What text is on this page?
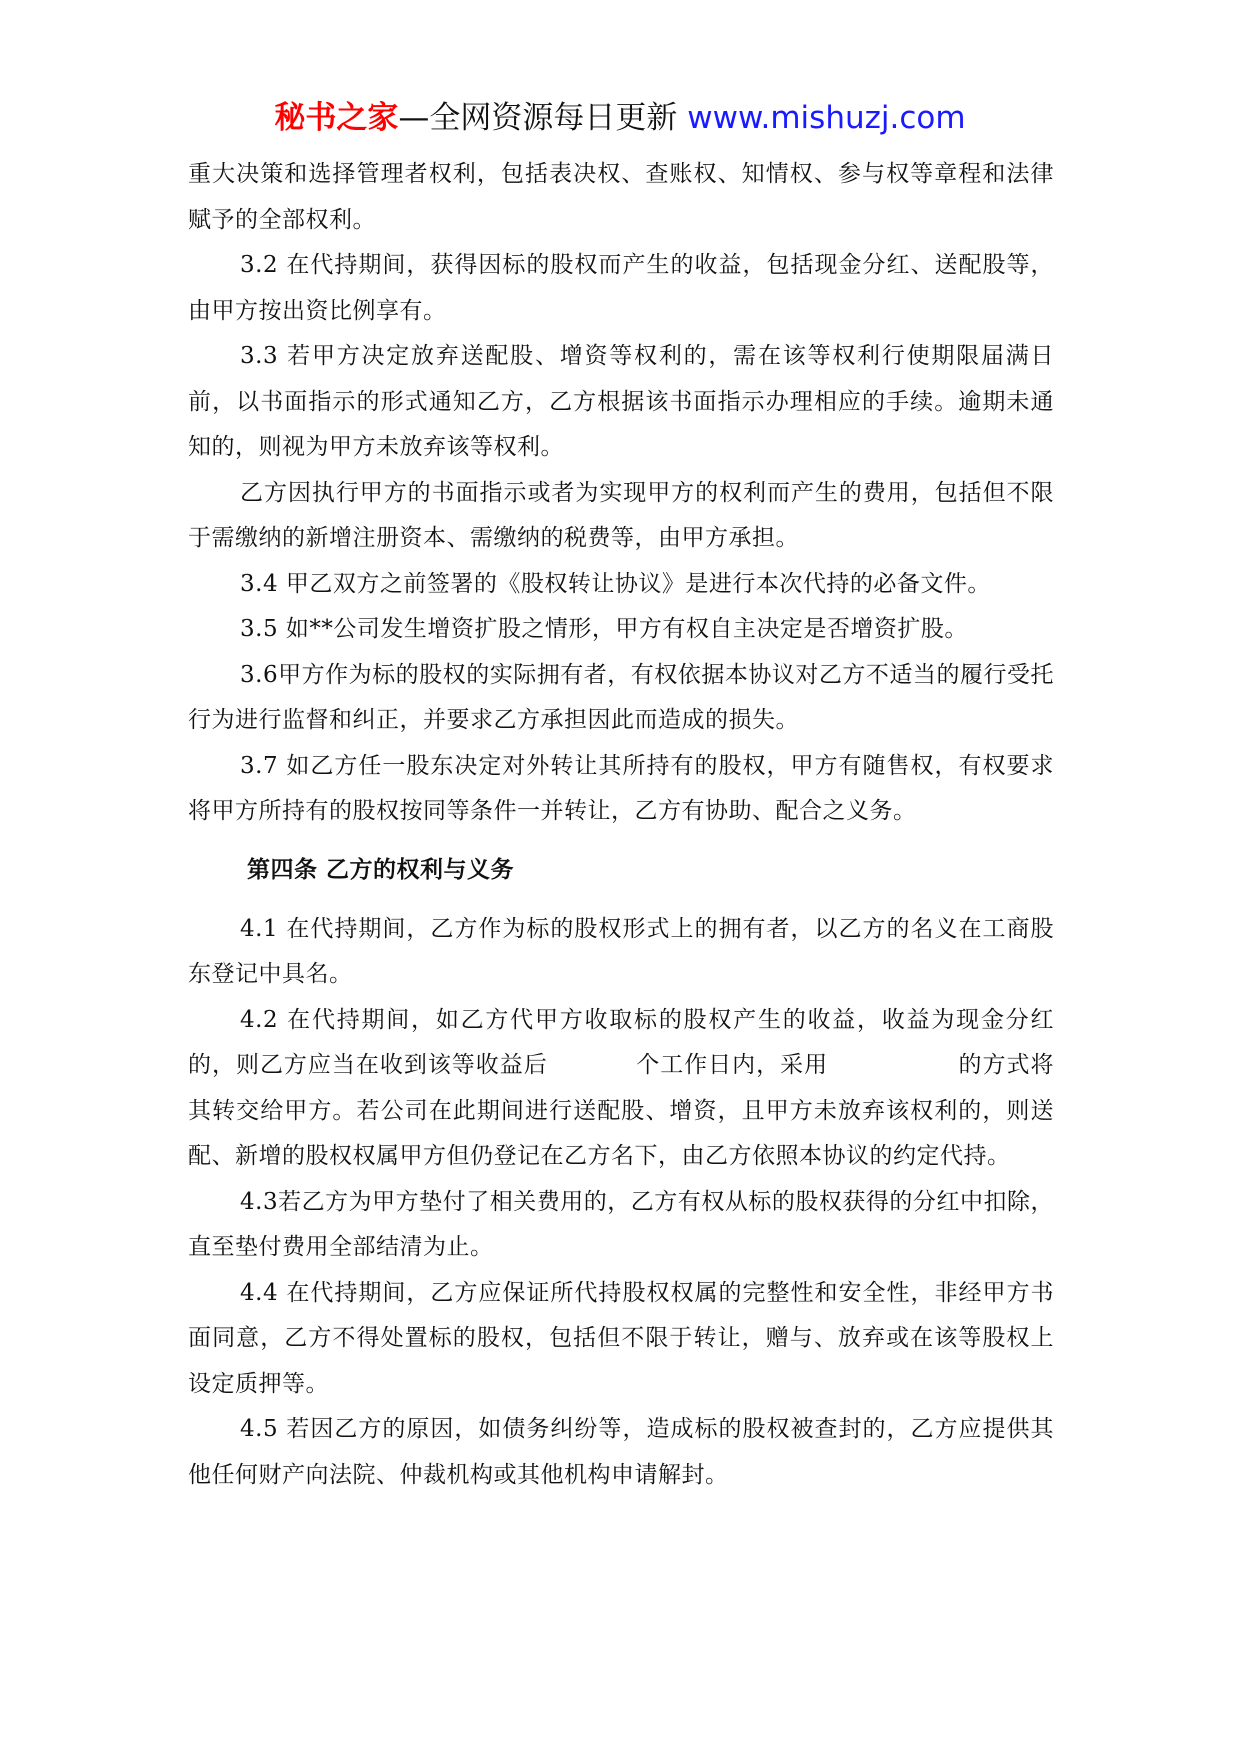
秘书之家—全网资源每日更新 www.mishuzj.com

重大决策和选择管理者权利，包括表决权、查账权、知情权、参与权等章程和法律赋予的全部权利。

3.2 在代持期间，获得因标的股权而产生的收益，包括现金分红、送配股等，由甲方按出资比例享有。

3.3 若甲方决定放弃送配股、增资等权利的，需在该等权利行使期限届满日前，以书面指示的形式通知乙方，乙方根据该书面指示办理相应的手续。逾期未通知的，则视为甲方未放弃该等权利。

乙方因执行甲方的书面指示或者为实现甲方的权利而产生的费用，包括但不限于需缴纳的新增注册资本、需缴纳的税费等，由甲方承担。

3.4 甲乙双方之前签署的《股权转让协议》是进行本次代持的必备文件。

3.5 如**公司发生增资扩股之情形，甲方有权自主决定是否增资扩股。

3.6甲方作为标的股权的实际拥有者，有权依据本协议对乙方不适当的履行受托行为进行监督和纠正，并要求乙方承担因此而造成的损失。

3.7 如乙方任一股东决定对外转让其所持有的股权，甲方有随售权，有权要求将甲方所持有的股权按同等条件一并转让，乙方有协助、配合之义务。

第四条 乙方的权利与义务

4.1 在代持期间，乙方作为标的股权形式上的拥有者，以乙方的名义在工商股东登记中具名。

4.2 在代持期间，如乙方代甲方收取标的股权产生的收益，收益为现金分红的，则乙方应当在收到该等收益后	个工作日内，采用	的方式将其转交给甲方。若公司在此期间进行送配股、增资，且甲方未放弃该权利的，则送配、新增的股权权属甲方但仍登记在乙方名下，由乙方依照本协议的约定代持。

4.3若乙方为甲方垫付了相关费用的，乙方有权从标的股权获得的分红中扣除，直至垫付费用全部结清为止。

4.4 在代持期间，乙方应保证所代持股权权属的完整性和安全性，非经甲方书面同意，乙方不得处置标的股权，包括但不限于转让，赠与、放弃或在该等股权上设定质押等。

4.5 若因乙方的原因，如债务纠纷等，造成标的股权被查封的，乙方应提供其他任何财产向法院、仲裁机构或其他机构申请解封。
